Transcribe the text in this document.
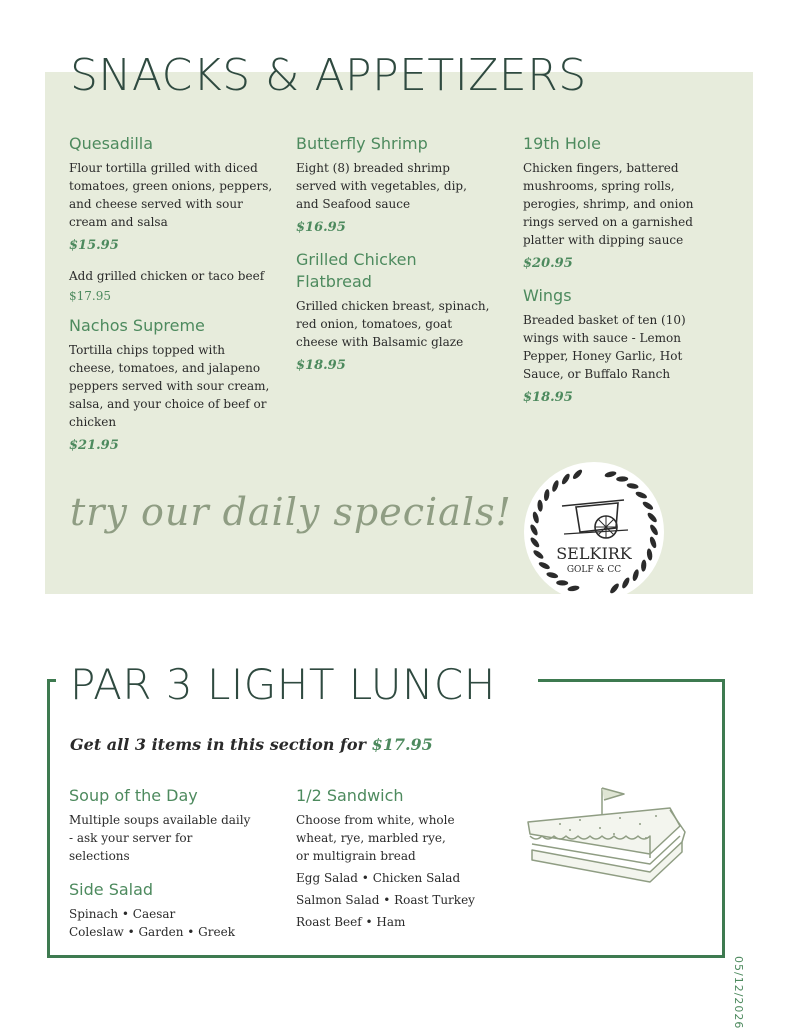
SNACKS & APPETIZERS
Quesadilla

Flour tortilla grilled with diced tomatoes, green onions, peppers, and cheese served with sour cream and salsa

$15.95

Add grilled chicken or taco beef

$17.95
Nachos Supreme

Tortilla chips topped with cheese, tomatoes, and jalapeno peppers served with sour cream, salsa, and your choice of beef or chicken

$21.95
Butterfly Shrimp

Eight (8) breaded shrimp served with vegetables, dip, and Seafood sauce

$16.95
Grilled Chicken Flatbread

Grilled chicken breast, spinach, red onion, tomatoes, goat cheese with Balsamic glaze

$18.95
19th Hole

Chicken fingers, battered mushrooms, spring rolls, perogies, shrimp, and onion rings served on a garnished platter with dipping sauce

$20.95
Wings

Breaded basket of ten (10) wings with sauce - Lemon Pepper, Honey Garlic, Hot Sauce, or Buffalo Ranch

$18.95
try our daily specials!
SELKIRK
GOLF & CC
PAR 3 LIGHT LUNCH
Get all 3 items in this section for $17.95
Soup of the Day

Multiple soups available daily - ask your server for selections

Side Salad

Spinach • Caesar

Coleslaw • Garden • Greek

1/2 Sandwich

Choose from white, whole wheat, rye, marbled rye, or multigrain bread

Egg Salad • Chicken Salad

Salmon Salad • Roast Turkey

Roast Beef • Ham

05/12/2026
